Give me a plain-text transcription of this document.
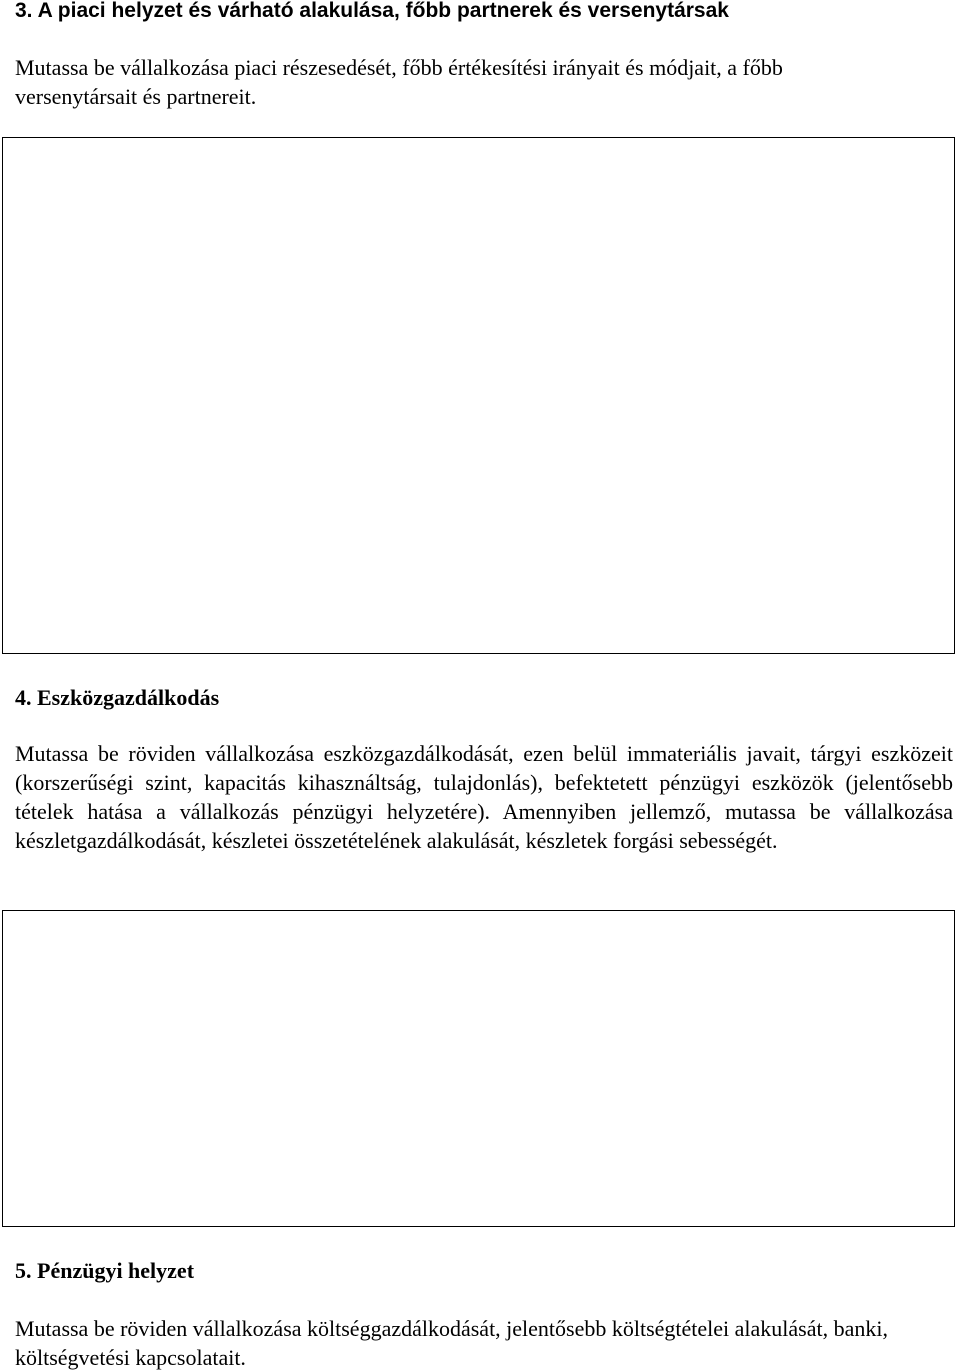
3. A piaci helyzet és várható alakulása, főbb partnerek és versenytársak

Mutassa be vállalkozása piaci részesedését, főbb értékesítési irányait és módjait, a főbb versenytársait és partnereit.

4. Eszközgazdálkodás

Mutassa be röviden vállalkozása eszközgazdálkodását, ezen belül immateriális javait, tárgyi eszközeit (korszerűségi szint, kapacitás kihasználtság, tulajdonlás), befektetett pénzügyi eszközök (jelentősebb tételek hatása a vállalkozás pénzügyi helyzetére). Amennyiben jellemző, mutassa be vállalkozása készletgazdálkodását, készletei összetételének alakulását, készletek forgási sebességét.

5. Pénzügyi helyzet

Mutassa be röviden vállalkozása költséggazdálkodását, jelentősebb költségtételei alakulását, banki, költségvetési kapcsolatait.
